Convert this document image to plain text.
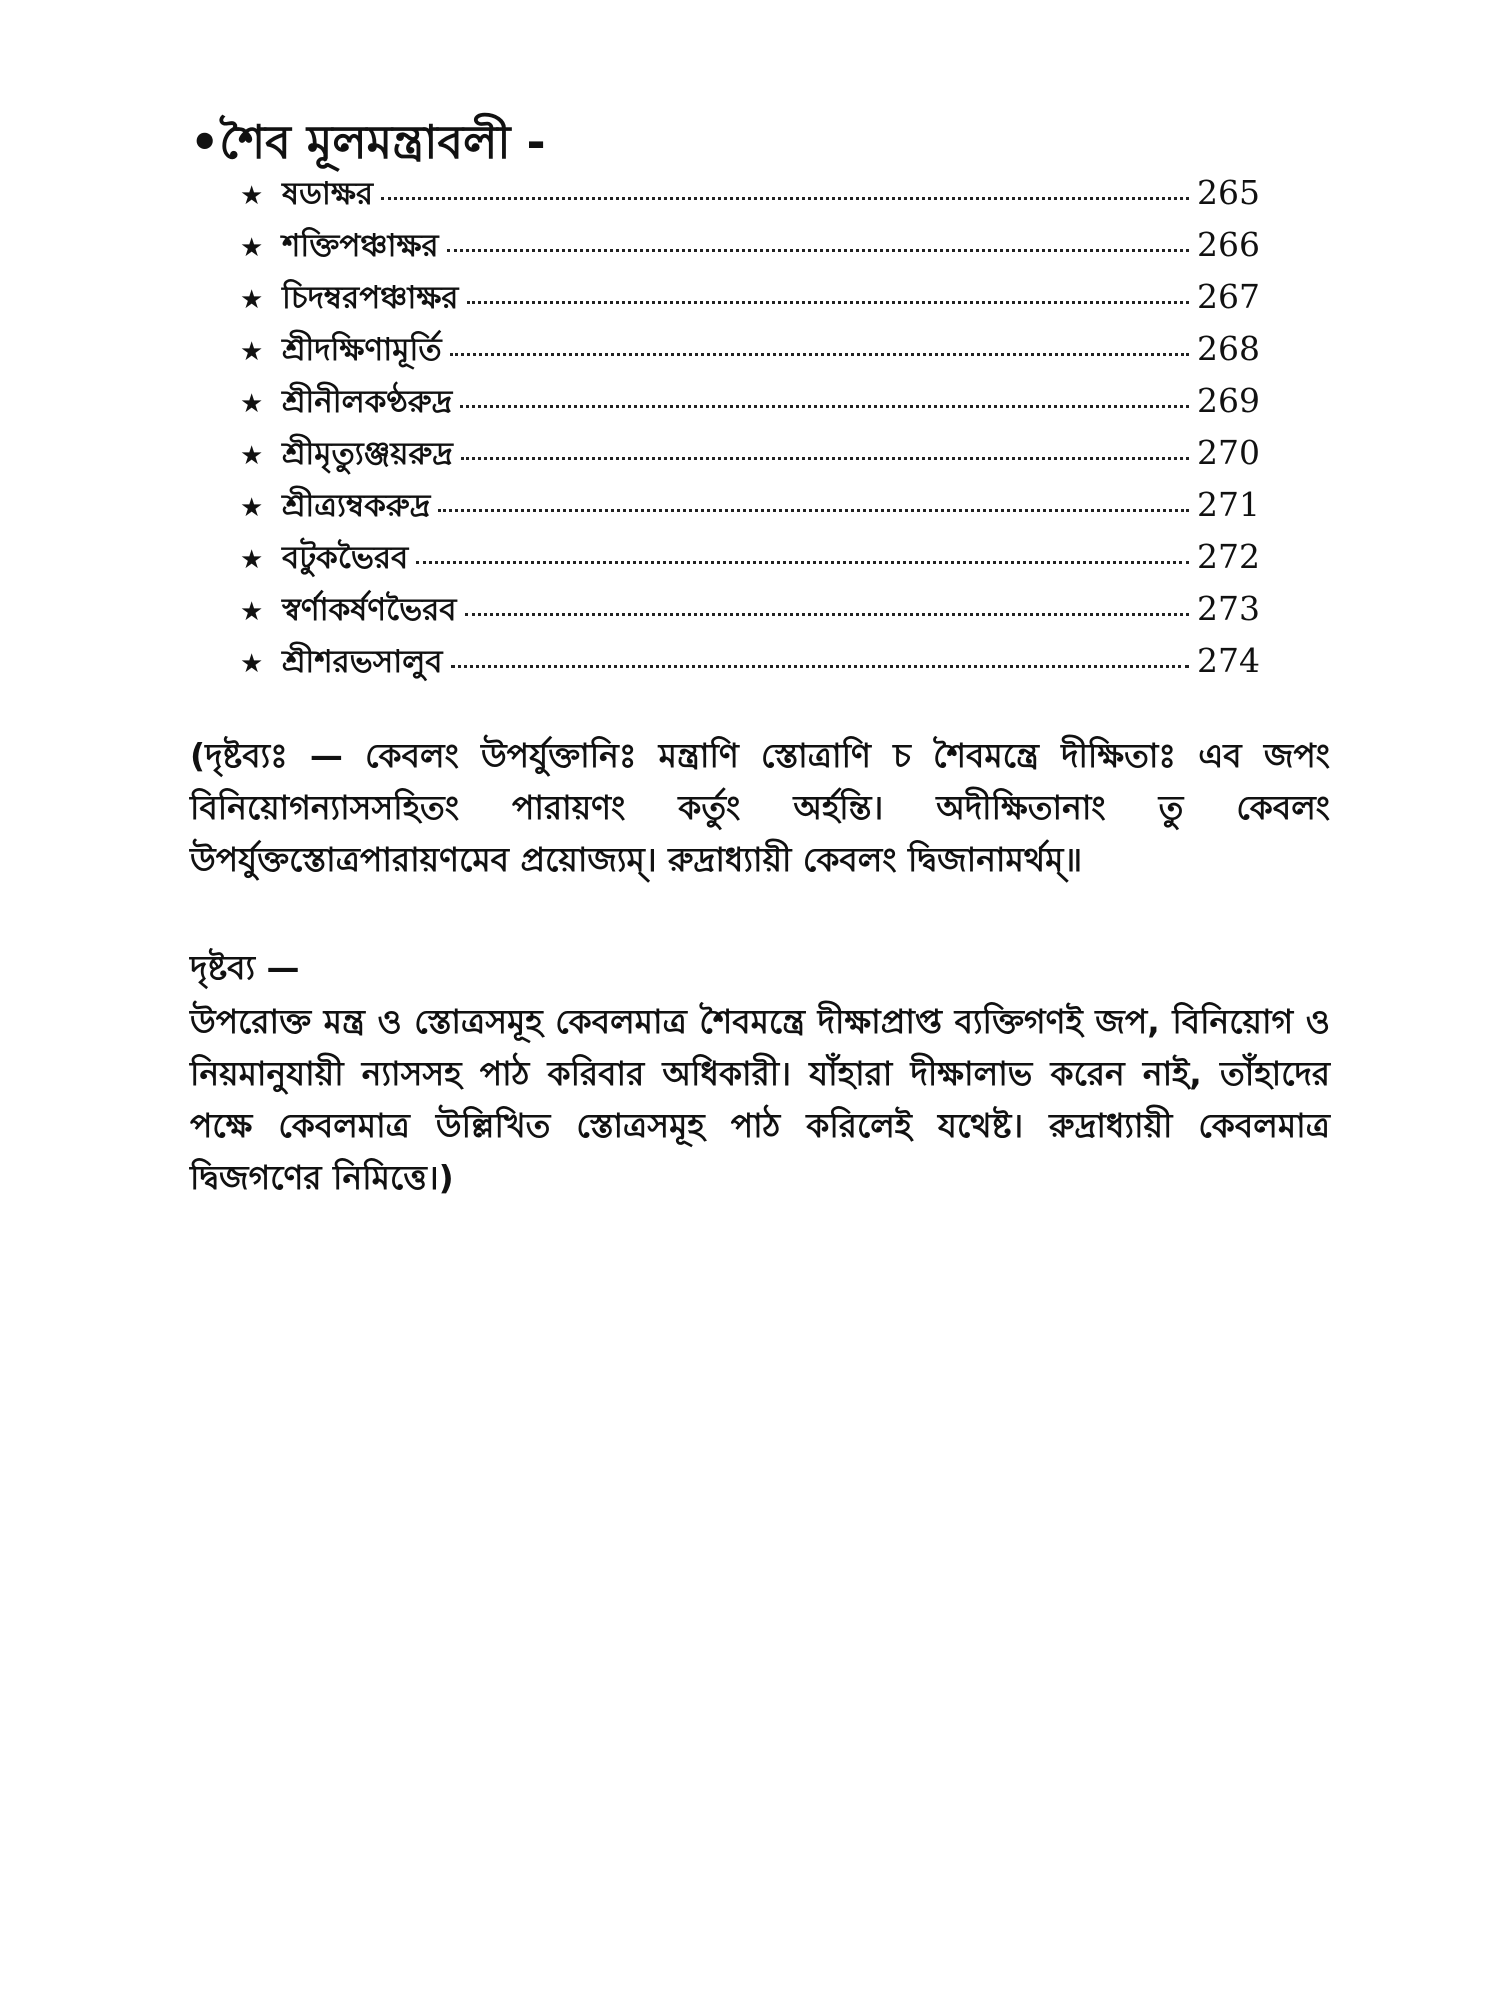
•শৈব মূলমন্ত্রাবলী -
★ ষডাক্ষর	265
★ শক্তিপঞ্চাক্ষর	266
★ চিদম্বরপঞ্চাক্ষর	267
★ শ্রীদক্ষিণামূর্তি	268
★ শ্রীনীলকণ্ঠরুদ্র	269
★ শ্রীমৃত্যুঞ্জয়রুদ্র	270
★ শ্রীত্র্যম্বকরুদ্র	271
★ বটুকভৈরব	272
★ স্বর্ণাকর্ষণভৈরব	273
★ শ্রীশরভসালুব	274

(দৃষ্টব্যঃ — কেবলং উপর্যুক্তানিঃ মন্ত্রাণি স্তোত্রাণি চ শৈবমন্ত্রে দীক্ষিতাঃ এব জপং বিনিয়োগন্যাসসহিতং পারায়ণং কর্তুং অর্হন্তি। অদীক্ষিতানাং তু কেবলং উপর্যুক্তস্তোত্রপারায়ণমেব প্রয়োজ্যম্। রুদ্রাধ্যায়ী কেবলং দ্বিজানামর্থম্॥

দৃষ্টব্য —

উপরোক্ত মন্ত্র ও স্তোত্রসমূহ কেবলমাত্র শৈবমন্ত্রে দীক্ষাপ্রাপ্ত ব্যক্তিগণই জপ, বিনিয়োগ ও নিয়মানুযায়ী ন্যাসসহ পাঠ করিবার অধিকারী। যাঁহারা দীক্ষালাভ করেন নাই, তাঁহাদের পক্ষে কেবলমাত্র উল্লিখিত স্তোত্রসমূহ পাঠ করিলেই যথেষ্ট। রুদ্রাধ্যায়ী কেবলমাত্র দ্বিজগণের নিমিত্তে।)
